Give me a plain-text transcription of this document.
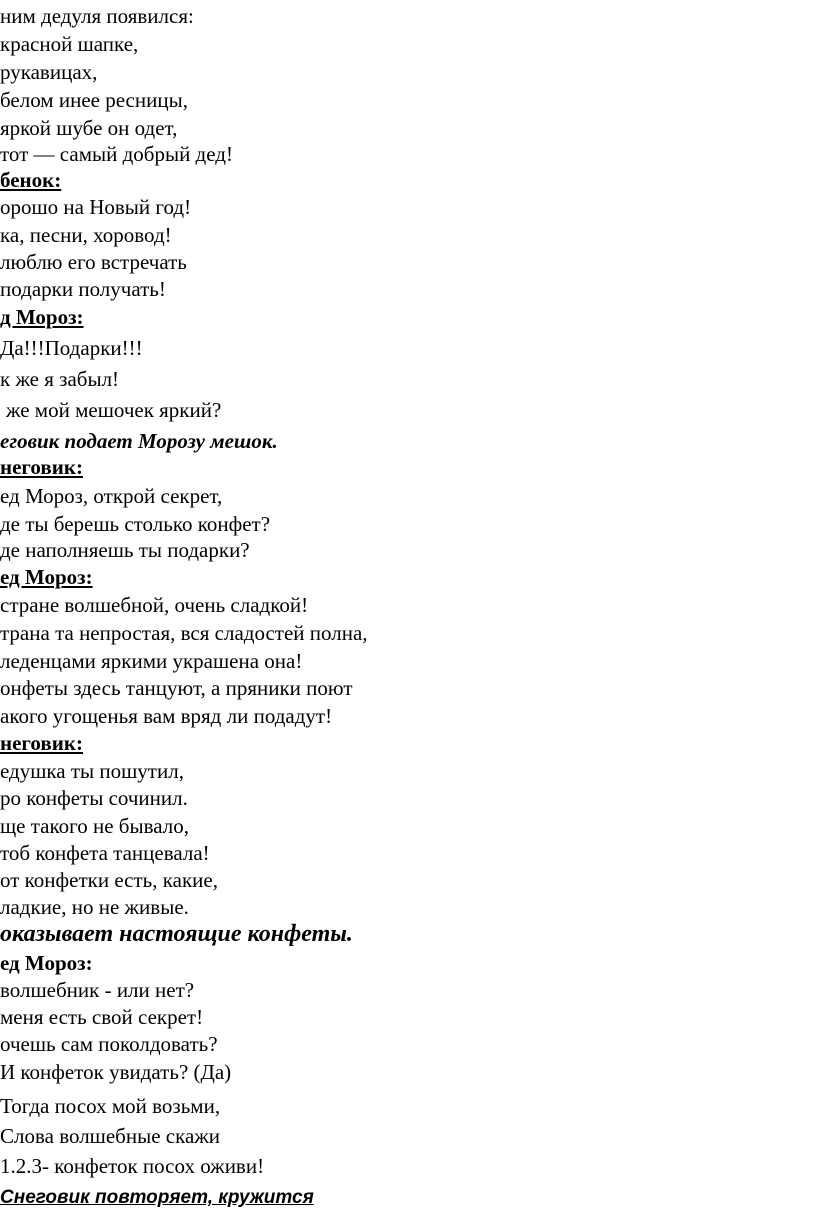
ним дедуля появился:
красной шапке,
рукавицах,
белом инее ресницы,
яркой шубе он одет,
тот — самый добрый дед!
бенок:
орошо на Новый год!
ка, песни, хоровод!
люблю его встречать
подарки получать!
д Мороз:
Да!!!Подарки!!!
к же я забыл!
же мой мешочек яркий?
еговик подает Морозу мешок.
неговик:
ед Мороз, открой секрет,
де ты берешь столько конфет?
де наполняешь ты подарки?
ед Мороз:
стране волшебной, очень сладкой!
трана та непростая, вся сладостей полна,
леденцами яркими украшена она!
онфеты здесь танцуют, а пряники поют
акого угощенья вам вряд ли подадут!
неговик:
едушка ты пошутил,
ро конфеты сочинил.
ще такого не бывало,
тоб конфета танцевала!
от конфетки есть, какие,
ладкие, но не живые.
оказывает настоящие конфеты.
ед Мороз:
волшебник - или нет?
меня есть свой секрет!
очешь сам поколдовать?
И конфеток увидать? (Да)
Тогда посох мой возьми,
Слова волшебные скажи
1.2.3- конфеток посох оживи!
Снеговик повторяет, кружится
